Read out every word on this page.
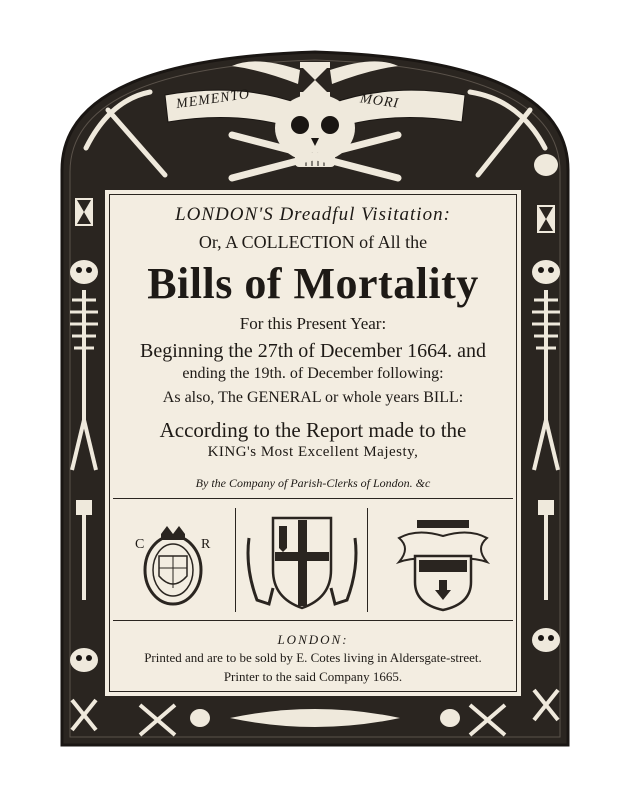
MEMENTO	MORI
LONDON'S Dreadful Visitation:
Or, A COLLECTION of All the
Bills of Mortality
For this Present Year:
Beginning the 27th of December 1664. and
ending the 19th. of December following:
As also, The GENERAL or whole years BILL:
According to the Report made to the
KING's Most Excellent Majesty,
By the Company of Parish-Clerks of London. &c
C	R
LONDON:
Printed and are to be sold by E. Cotes living in Aldersgate-street.
Printer to the said Company 1665.
